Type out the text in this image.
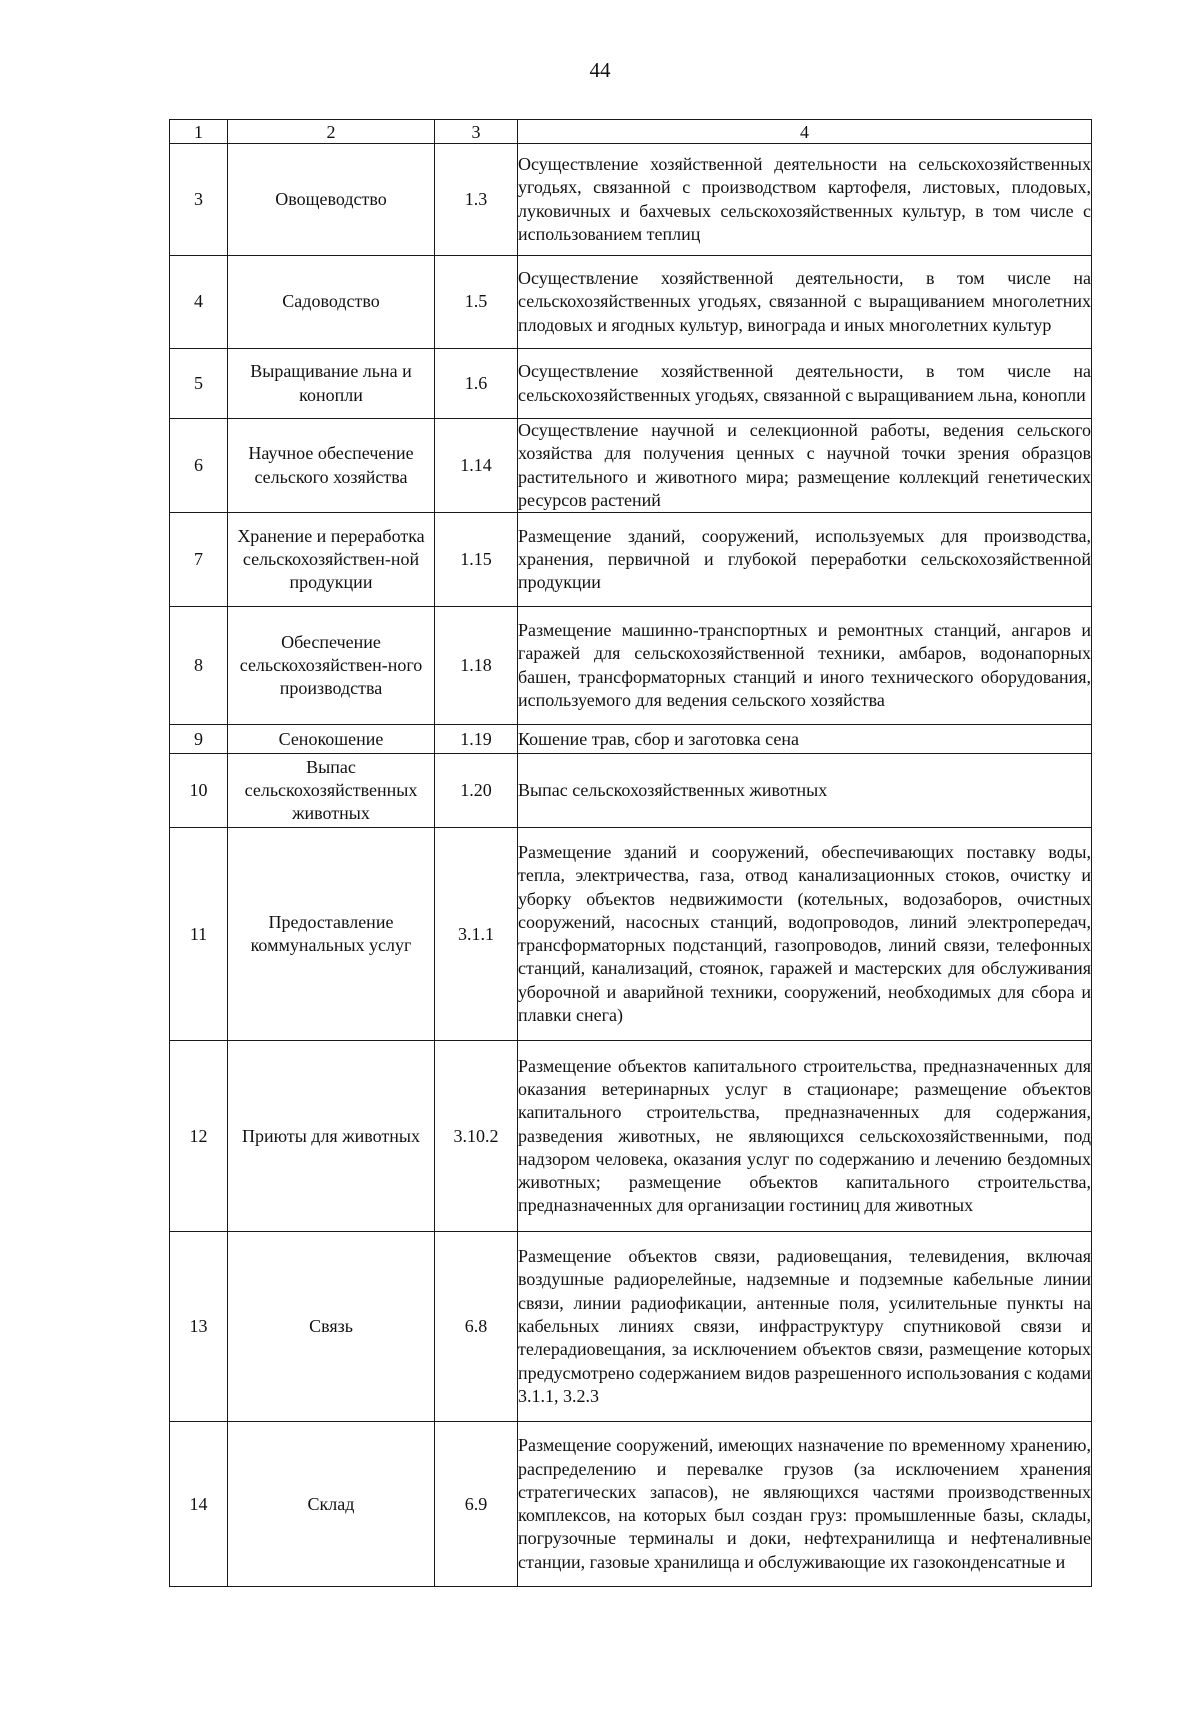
44
1	2	3	4
3	Овощеводство	1.3	Осуществление хозяйственной деятельности на сельскохозяйственных угодьях, связанной с производством картофеля, листовых, плодовых, луковичных и бахчевых сельскохозяйственных культур, в том числе с использованием теплиц
4	Садоводство	1.5	Осуществление хозяйственной деятельности, в том числе на сельскохозяйственных угодьях, связанной с выращиванием многолетних плодовых и ягодных культур, винограда и иных многолетних культур
5	Выращивание льна и конопли	1.6	Осуществление хозяйственной деятельности, в том числе на сельскохозяйственных угодьях, связанной с выращиванием льна, конопли
6	Научное обеспечение сельского хозяйства	1.14	Осуществление научной и селекционной работы, ведения сельского хозяйства для получения ценных с научной точки зрения образцов растительного и животного мира; размещение коллекций генетических ресурсов растений
7	Хранение и переработка сельскохозяйствен-ной продукции	1.15	Размещение зданий, сооружений, используемых для производства, хранения, первичной и глубокой переработки сельскохозяйственной продукции
8	Обеспечение сельскохозяйствен-ного производства	1.18	Размещение машинно-транспортных и ремонтных станций, ангаров и гаражей для сельскохозяйственной техники, амбаров, водонапорных башен, трансформаторных станций и иного технического оборудования, используемого для ведения сельского хозяйства
9	Сенокошение	1.19	Кошение трав, сбор и заготовка сена
10	Выпас сельскохозяйственных животных	1.20	Выпас сельскохозяйственных животных
11	Предоставление коммунальных услуг	3.1.1	Размещение зданий и сооружений, обеспечивающих поставку воды, тепла, электричества, газа, отвод канализационных стоков, очистку и уборку объектов недвижимости (котельных, водозаборов, очистных сооружений, насосных станций, водопроводов, линий электропередач, трансформаторных подстанций, газопроводов, линий связи, телефонных станций, канализаций, стоянок, гаражей и мастерских для обслуживания уборочной и аварийной техники, сооружений, необходимых для сбора и плавки снега)
12	Приюты для животных	3.10.2	Размещение объектов капитального строительства, предназначенных для оказания ветеринарных услуг в стационаре; размещение объектов капитального строительства, предназначенных для содержания, разведения животных, не являющихся сельскохозяйственными, под надзором человека, оказания услуг по содержанию и лечению бездомных животных; размещение объектов капитального строительства, предназначенных для организации гостиниц для животных
13	Связь	6.8	Размещение объектов связи, радиовещания, телевидения, включая воздушные радиорелейные, надземные и подземные кабельные линии связи, линии радиофикации, антенные поля, усилительные пункты на кабельных линиях связи, инфраструктуру спутниковой связи и телерадиовещания, за исключением объектов связи, размещение которых предусмотрено содержанием видов разрешенного использования с кодами 3.1.1, 3.2.3
14	Склад	6.9	Размещение сооружений, имеющих назначение по временному хранению, распределению и перевалке грузов (за исключением хранения стратегических запасов), не являющихся частями производственных комплексов, на которых был создан груз: промышленные базы, склады, погрузочные терминалы и доки, нефтехранилища и нефтеналивные станции, газовые хранилища и обслуживающие их газоконденсатные и
